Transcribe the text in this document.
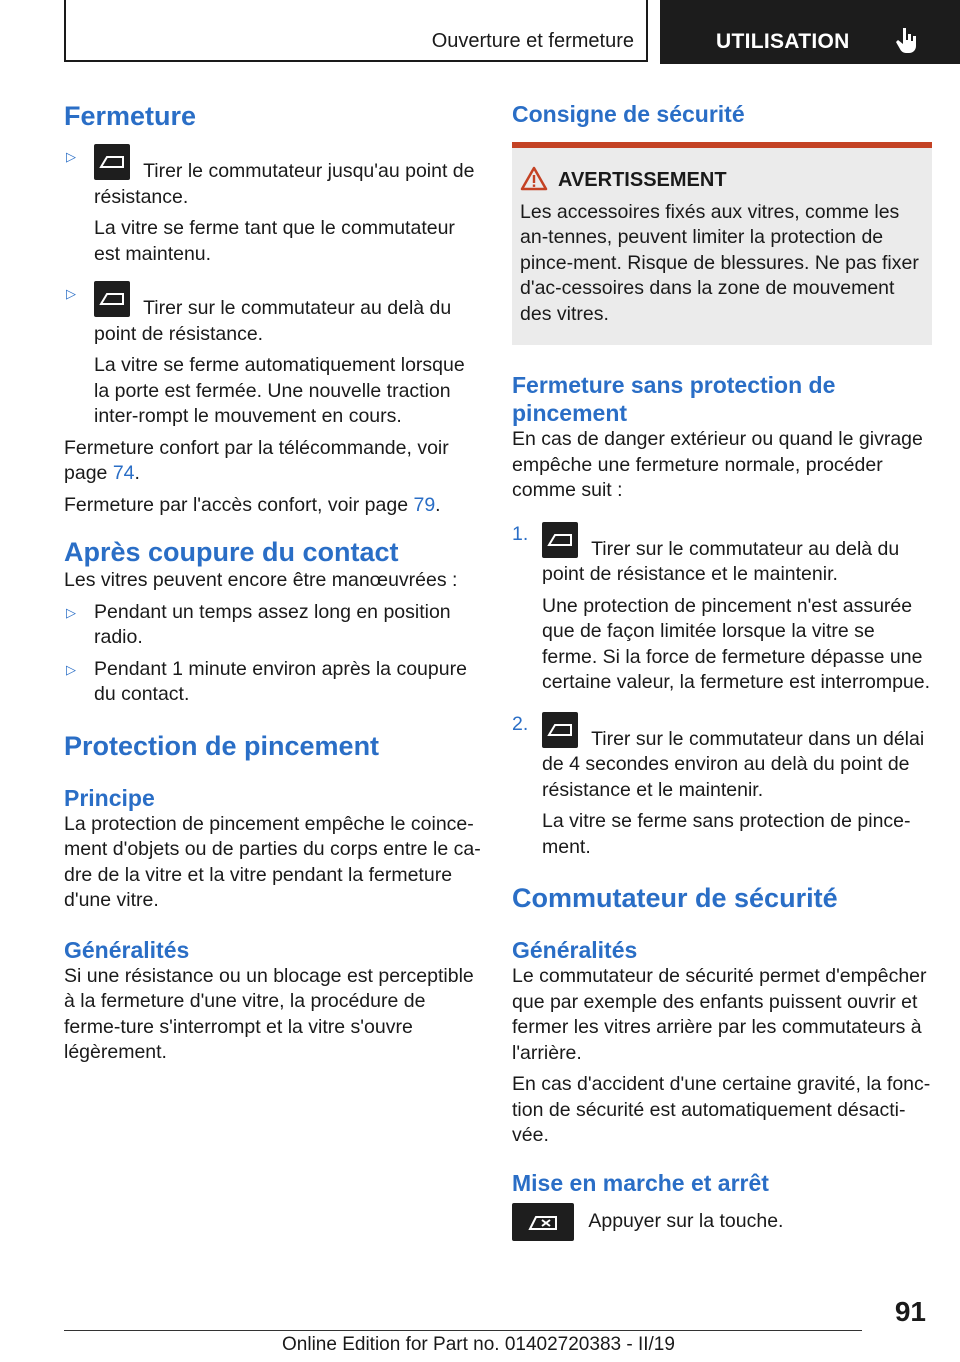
Ouverture et fermeture	UTILISATION
Fermeture
▷

Tirer le commutateur jusqu'au point de résistance.

La vitre se ferme tant que le commutateur est maintenu.

▷

Tirer sur le commutateur au delà du point de résistance.

La vitre se ferme automatiquement lorsque la porte est fermée. Une nouvelle traction inter-rompt le mouvement en cours.

Fermeture confort par la télécommande, voir page 74.

Fermeture par l'accès confort, voir page 79.

Après coupure du contact

Les vitres peuvent encore être manœuvrées :

▷ Pendant un temps assez long en position radio.

▷ Pendant 1 minute environ après la coupure du contact.

Protection de pincement
Principe

La protection de pincement empêche le coince-ment d'objets ou de parties du corps entre le ca-dre de la vitre et la vitre pendant la fermeture d'une vitre.

Généralités

Si une résistance ou un blocage est perceptible à la fermeture d'une vitre, la procédure de ferme-ture s'interrompt et la vitre s'ouvre légèrement.

Consigne de sécurité
AVERTISSEMENT

Les accessoires fixés aux vitres, comme les an-tennes, peuvent limiter la protection de pince-ment. Risque de blessures. Ne pas fixer d'ac-cessoires dans la zone de mouvement des vitres.

Fermeture sans protection de pincement

En cas de danger extérieur ou quand le givrage empêche une fermeture normale, procéder comme suit :

1.

Tirer sur le commutateur au delà du point de résistance et le maintenir.

Une protection de pincement n'est assurée que de façon limitée lorsque la vitre se ferme. Si la force de fermeture dépasse une certaine valeur, la fermeture est interrompue.

2.

Tirer sur le commutateur dans un délai de 4 secondes environ au delà du point de résistance et le maintenir.

La vitre se ferme sans protection de pince-ment.

Commutateur de sécurité
Généralités

Le commutateur de sécurité permet d'empêcher que par exemple des enfants puissent ouvrir et fermer les vitres arrière par les commutateurs à l'arrière.

En cas d'accident d'une certaine gravité, la fonc-tion de sécurité est automatiquement désacti-vée.

Mise en marche et arrêt

Appuyer sur la touche.

91
Online Edition for Part no. 01402720383 - II/19
